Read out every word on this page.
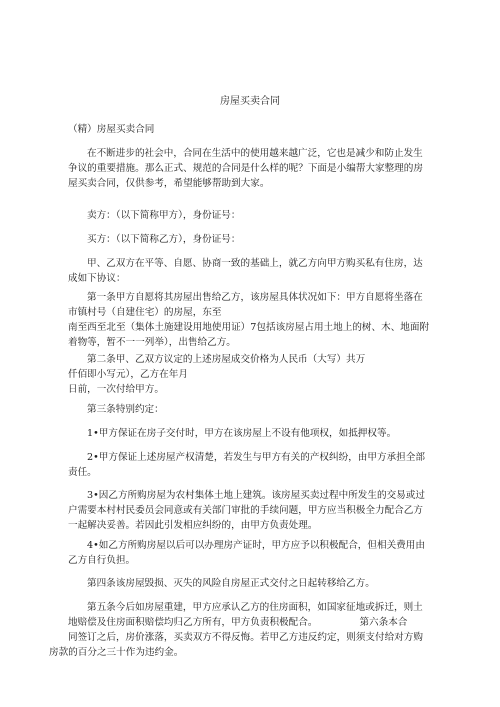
房屋买卖合同

（精）房屋买卖合同

在不断进步的社会中，合同在生活中的使用越来越广泛，它也是减少和防止发生争议的重要措施。那么正式、规范的合同是什么样的呢？下面是小编帮大家整理的房屋买卖合同，仅供参考，希望能够帮助到大家。

卖方：（以下简称甲方），身份证号：

买方：（以下简称乙方），身份证号：

甲、乙双方在平等、自愿、协商一致的基础上，就乙方向甲方购买私有住房，达成如下协议：

第一条甲方自愿将其房屋出售给乙方，该房屋具体状况如下：甲方自愿将坐落在市镇村号（自建住宅）的房屋，东至
南至西至北至（集体土施建设用地使用证）7包括该房屋占用土地上的树、木、地面附着物等，暂不一一列举），出售给乙方。

第二条甲、乙双方议定的上述房屋成交价格为人民币（大写）共万
仟佰即小写元），乙方在年月
日前，一次付给甲方。

第三条特别约定：

1•甲方保证在房子交付时，甲方在该房屋上不设有他项权，如抵押权等。

2•甲方保证上述房屋产权清楚，若发生与甲方有关的产权纠纷，由甲方承担全部责任。

3•因乙方所购房屋为农村集体土地上建筑。该房屋买卖过程中所发生的交易或过户需要本村村民委员会同意或有关部门审批的手续问题，甲方应当积极全力配合乙方一起解决妥善。若因此引发相应纠纷的，由甲方负责处理。

4•如乙方所购房屋以后可以办理房产证时，甲方应予以积极配合，但相关费用由乙方自行负担。

第四条该房屋毁损、灭失的风险自房屋正式交付之日起转移给乙方。

第五条今后如房屋重建，甲方应承认乙方的住房面积，如国家征地或拆迁，则土地赔偿及住房面积赔偿均归乙方所有，甲方负责积极配合。	第六条本合
同签订之后，房价涨落，买卖双方不得反悔。若甲乙方违反约定，则须支付给对方购房款的百分之三十作为违约金。
